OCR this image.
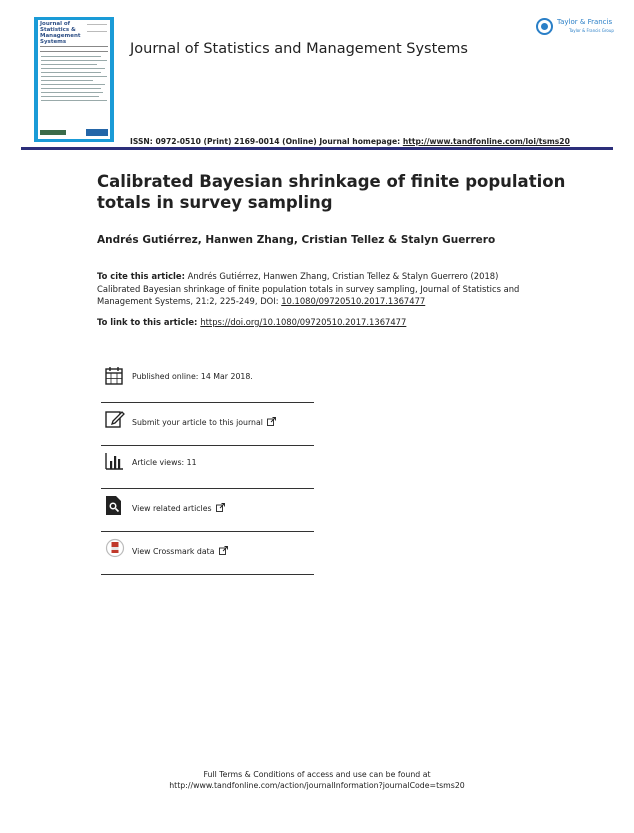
Journal of Statistics & Management Systems	Journal of Statistics and Management Systems
Taylor & Francis
Taylor & Francis Group
ISSN: 0972-0510 (Print) 2169-0014 (Online) Journal homepage: http://www.tandfonline.com/loi/tsms20
Calibrated Bayesian shrinkage of finite population totals in survey sampling
Andrés Gutiérrez, Hanwen Zhang, Cristian Tellez & Stalyn Guerrero
To cite this article: Andrés Gutiérrez, Hanwen Zhang, Cristian Tellez & Stalyn Guerrero (2018) Calibrated Bayesian shrinkage of finite population totals in survey sampling, Journal of Statistics and Management Systems, 21:2, 225-249, DOI: 10.1080/09720510.2017.1367477
To link to this article: https://doi.org/10.1080/09720510.2017.1367477
Published online: 14 Mar 2018.
Submit your article to this journal
Article views: 11
View related articles
View Crossmark data
Full Terms & Conditions of access and use can be found at
http://www.tandfonline.com/action/journalInformation?journalCode=tsms20
